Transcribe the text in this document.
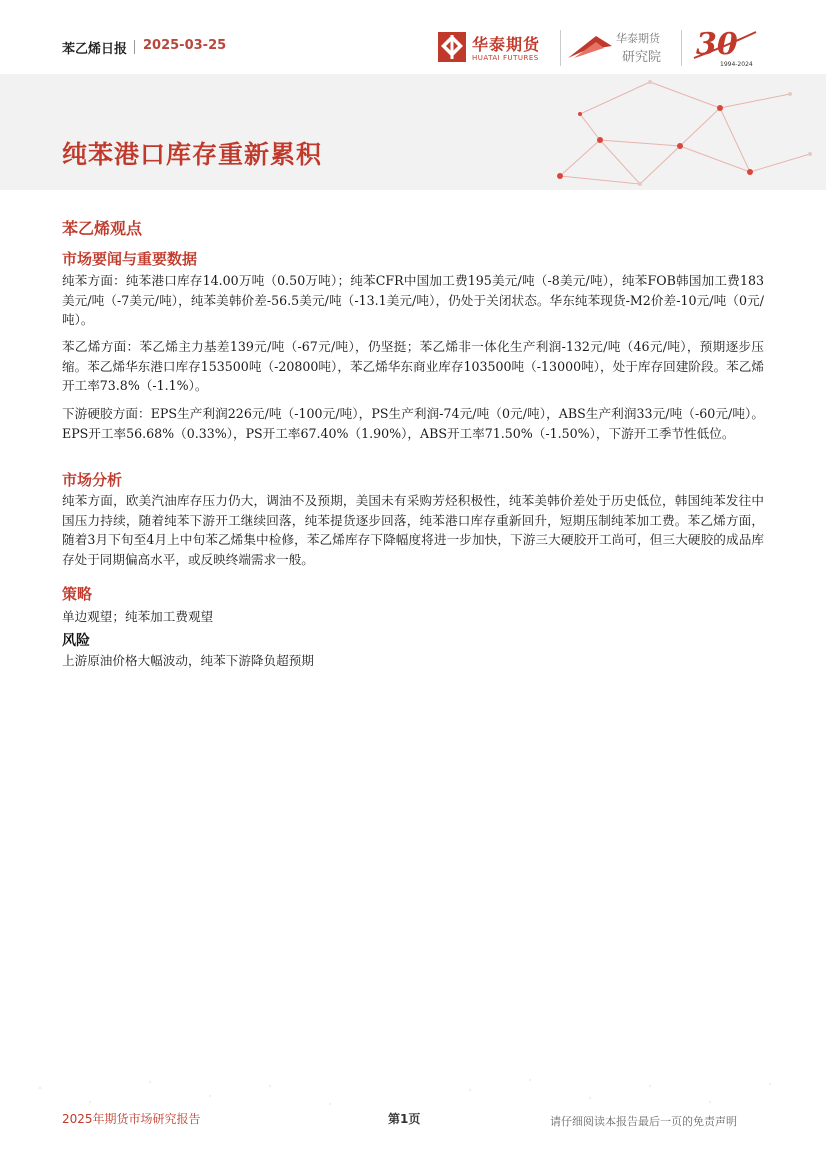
苯乙烯日报 2025-03-25	华泰期货
HUATAI FUTURES
华泰期货
研究院 30
1994-2024
纯苯港口库存重新累积
苯乙烯观点
市场要闻与重要数据
纯苯方面：纯苯港口库存14.00万吨（0.50万吨）；纯苯CFR中国加工费195美元/吨（-8美元/吨），纯苯FOB韩国加工费183美元/吨（-7美元/吨），纯苯美韩价差-56.5美元/吨（-13.1美元/吨），仍处于关闭状态。华东纯苯现货-M2价差-10元/吨（0元/吨）。
苯乙烯方面：苯乙烯主力基差139元/吨（-67元/吨），仍坚挺；苯乙烯非一体化生产利润-132元/吨（46元/吨），预期逐步压缩。苯乙烯华东港口库存153500吨（-20800吨），苯乙烯华东商业库存103500吨（-13000吨），处于库存回建阶段。苯乙烯开工率73.8%（-1.1%）。
下游硬胶方面：EPS生产利润226元/吨（-100元/吨），PS生产利润-74元/吨（0元/吨），ABS生产利润33元/吨（-60元/吨）。EPS开工率56.68%（0.33%），PS开工率67.40%（1.90%），ABS开工率71.50%（-1.50%），下游开工季节性低位。
市场分析
纯苯方面，欧美汽油库存压力仍大，调油不及预期，美国未有采购芳烃积极性，纯苯美韩价差处于历史低位，韩国纯苯发往中国压力持续，随着纯苯下游开工继续回落，纯苯提货逐步回落，纯苯港口库存重新回升，短期压制纯苯加工费。苯乙烯方面，随着3月下旬至4月上中旬苯乙烯集中检修，苯乙烯库存下降幅度将进一步加快，下游三大硬胶开工尚可，但三大硬胶的成品库存处于同期偏高水平，或反映终端需求一般。
策略
单边观望；纯苯加工费观望
风险
上游原油价格大幅波动，纯苯下游降负超预期
2025年期货市场研究报告	第1页	请仔细阅读本报告最后一页的免责声明
